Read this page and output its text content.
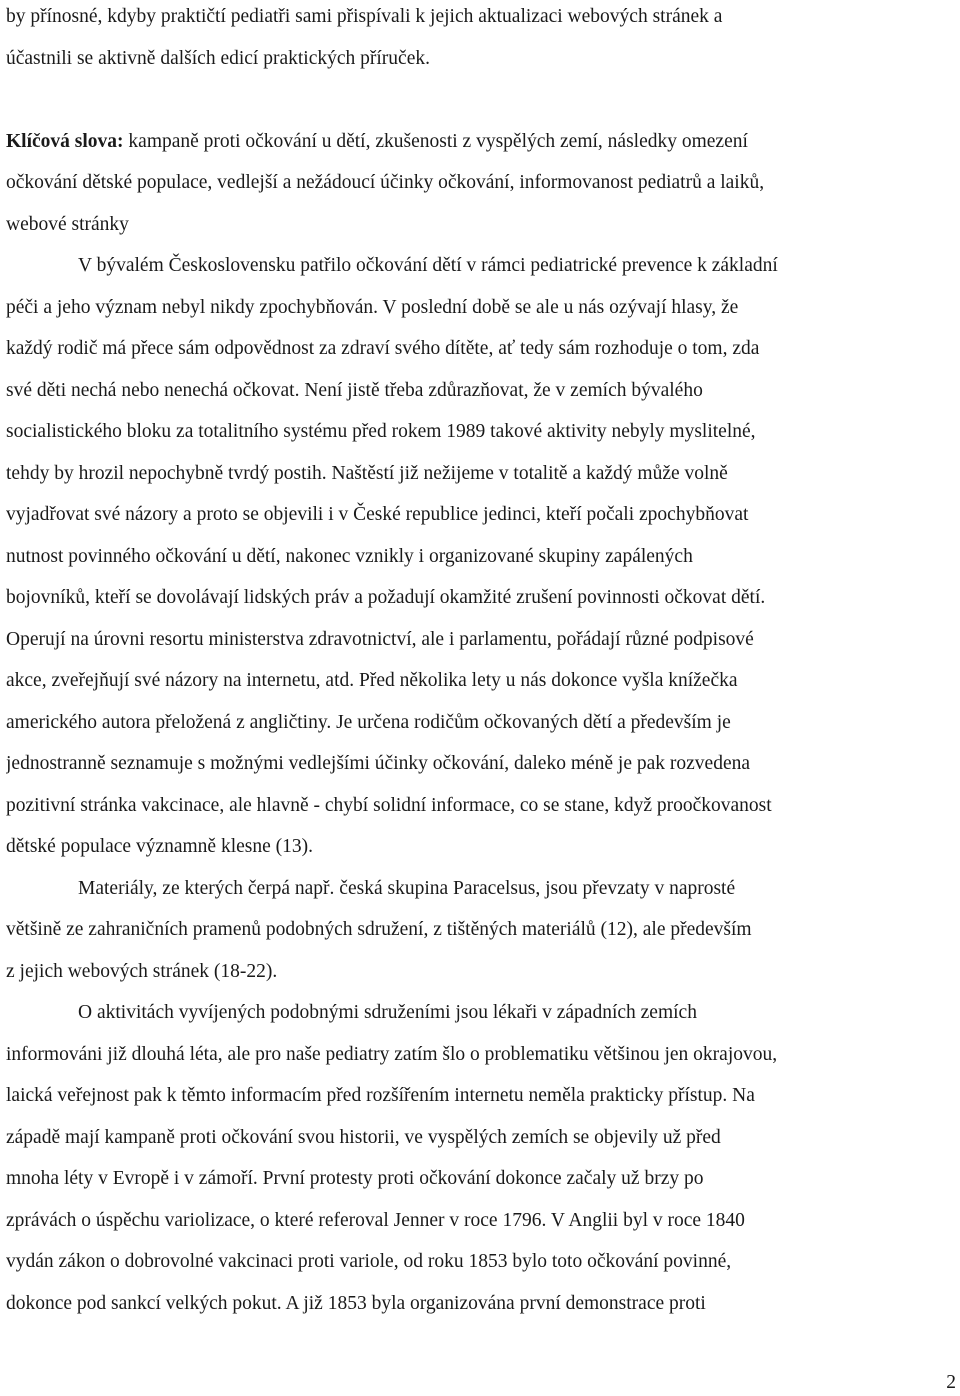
by přínosné, kdyby praktičtí pediatři sami přispívali k jejich aktualizaci webových stránek a
účastnili se aktivně dalších edicí praktických příruček.
Klíčová slova: kampaně proti očkování u dětí, zkušenosti z vyspělých zemí, následky omezení
očkování dětské populace, vedlejší a nežádoucí účinky očkování, informovanost pediatrů a laiků,
webové stránky
V bývalém Československu patřilo očkování dětí v rámci pediatrické prevence k základní
péči a jeho význam nebyl nikdy zpochybňován. V poslední době se ale u nás ozývají hlasy, že
každý rodič má přece sám odpovědnost za zdraví svého dítěte, ať tedy sám rozhoduje o tom, zda
své děti nechá nebo nenechá očkovat. Není jistě třeba zdůrazňovat, že v zemích bývalého
socialistického bloku za totalitního systému před rokem 1989 takové aktivity nebyly myslitelné,
tehdy by hrozil nepochybně tvrdý postih. Naštěstí již nežijeme v totalitě a každý může volně
vyjadřovat své názory a proto se objevili i v České republice jedinci, kteří počali zpochybňovat
nutnost povinného očkování u dětí, nakonec vznikly i organizované skupiny zapálených
bojovníků, kteří se dovolávají lidských práv a požadují okamžité zrušení povinnosti očkovat dětí.
Operují na úrovni resortu ministerstva zdravotnictví, ale i parlamentu, pořádají různé podpisové
akce, zveřejňují své názory na internetu, atd. Před několika lety u nás dokonce vyšla knížečka
amerického autora přeložená z angličtiny. Je určena rodičům očkovaných dětí a především je
jednostranně seznamuje s možnými vedlejšími účinky očkování, daleko méně je pak rozvedena
pozitivní stránka vakcinace, ale hlavně - chybí solidní informace, co se stane, když proočkovanost
dětské populace významně klesne (13).
Materiály, ze kterých čerpá např. česká skupina Paracelsus, jsou převzaty v naprosté
většině ze zahraničních pramenů podobných sdružení, z tištěných materiálů (12), ale především
z jejich webových stránek (18-22).
O aktivitách vyvíjených podobnými sdruženími jsou lékaři v západních zemích
informováni již dlouhá léta, ale pro naše pediatry zatím šlo o problematiku většinou jen okrajovou,
laická veřejnost pak k těmto informacím před rozšířením internetu neměla prakticky přístup. Na
západě mají kampaně proti očkování svou historii, ve vyspělých zemích se objevily už před
mnoha léty v Evropě i v zámoří. První protesty proti očkování dokonce začaly už brzy po
zprávách o úspěchu variolizace, o které referoval Jenner v roce 1796. V Anglii byl v roce 1840
vydán zákon o dobrovolné vakcinaci proti variole, od roku 1853 bylo toto očkování povinné,
dokonce pod sankcí velkých pokut. A již 1853 byla organizována první demonstrace proti
2
